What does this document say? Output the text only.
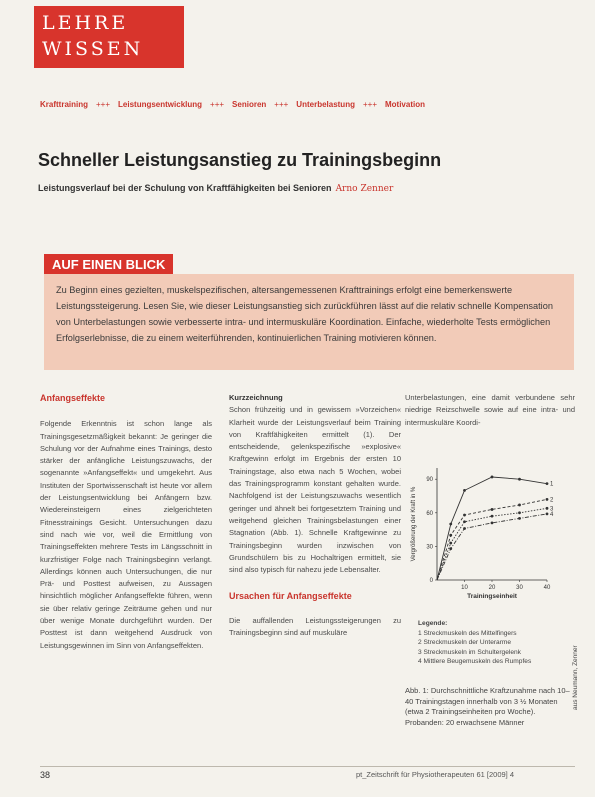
LEHRE
WISSEN
Krafttraining +++ Leistungsentwicklung +++ Senioren +++ Unterbelastung +++ Motivation
Schneller Leistungsanstieg zu Trainingsbeginn
Leistungsverlauf bei der Schulung von Kraftfähigkeiten bei Senioren Arno Zenner
AUF EINEN BLICK
Zu Beginn eines gezielten, muskelspezifischen, altersangemessenen Krafttrainings erfolgt eine bemerkenswerte Leistungssteigerung. Lesen Sie, wie dieser Leistungsanstieg sich zurückführen lässt auf die relativ schnelle Kompensation von Unterbelastungen sowie verbesserte intra- und intermuskuläre Koordination. Einfache, wiederholte Tests ermöglichen Erfolgserlebnisse, die zu einem weiterführenden, kontinuierlichen Training motivieren können.
Anfangseffekte

Folgende Erkenntnis ist schon lange als Trainingsgesetzmäßigkeit bekannt: Je geringer die Schulung vor der Aufnahme eines Trainings, desto stärker der anfängliche Leistungszuwachs, der sogenannte »Anfangseffekt« und umgekehrt. Aus Instituten der Sportwissenschaft ist heute vor allem der Leistungsentwicklung bei Anfängern bzw. Wiedereinsteigern eines zielgerichteten Fitnesstrainings Gesicht. Untersuchungen dazu sind nach wie vor, weil die Ermittlung von Trainingseffekten mehrere Tests im Längsschnitt in kurzfristiger Folge nach Trainingsbeginn verlangt. Allerdings können auch Untersuchungen, die nur Prä- und Posttest aufweisen, zu Aussagen hinsichtlich möglicher Anfangseffekte führen, wenn sie über relativ geringe Zeiträume gehen und nur über wenige Monate durchgeführt wurden. Der Posttest ist dann weitgehend Ausdruck von Leistungsgewinnen im Sinn von Anfangseffekten.

Kurzzeichnung

Schon frühzeitig und in gewissem »Vorzeichen« Klarheit wurde der Leistungsverlauf beim Training von Kraftfähigkeiten ermittelt (1). Der entscheidende, gelenkspezifische »explosive« Kraftgewinn erfolgt im Ergebnis der ersten 10 Trainingstage, also etwa nach 5 Wochen, wobei das Trainingsprogramm konstant gehalten wurde. Nachfolgend ist der Leistungszuwachs wesentlich geringer und ähnelt bei fortgesetztem Training und weitgehend gleichen Trainingsbelastungen einer Stagnation (Abb. 1). Schnelle Kraftgewinne zu Trainingsbeginn wurden inzwischen von Grundschülern bis zu Hochaltrigen ermittelt, sie sind also typisch für nahezu jede Lebensalter.

Ursachen für Anfangseffekte

Die auffallenden Leistungssteigerungen zu Trainingsbeginn sind auf muskuläre

Unterbelastungen, eine damit verbundene sehr niedrige Reizschwelle sowie auf eine intra- und intermuskuläre Koordi-

0
30
60
90
10	20	30	40
Trainingseinheit
Vergrößerung der Kraft in %
1
2
3
4
Legende:
1 Streckmuskeln des Mittelfingers
2 Streckmuskeln der Unterarme
3 Streckmuskeln im Schultergelenk
4 Mittlere Beugemuskeln des Rumpfes
Abb. 1: Durchschnittliche Kraftzunahme nach 10–40 Trainingstagen innerhalb von 3 ½ Monaten (etwa 2 Trainingseinheiten pro Woche). Probanden: 20 erwachsene Männer
aus Neumann, Zenner
38	pt_Zeitschrift für Physiotherapeuten 61 [2009] 4
